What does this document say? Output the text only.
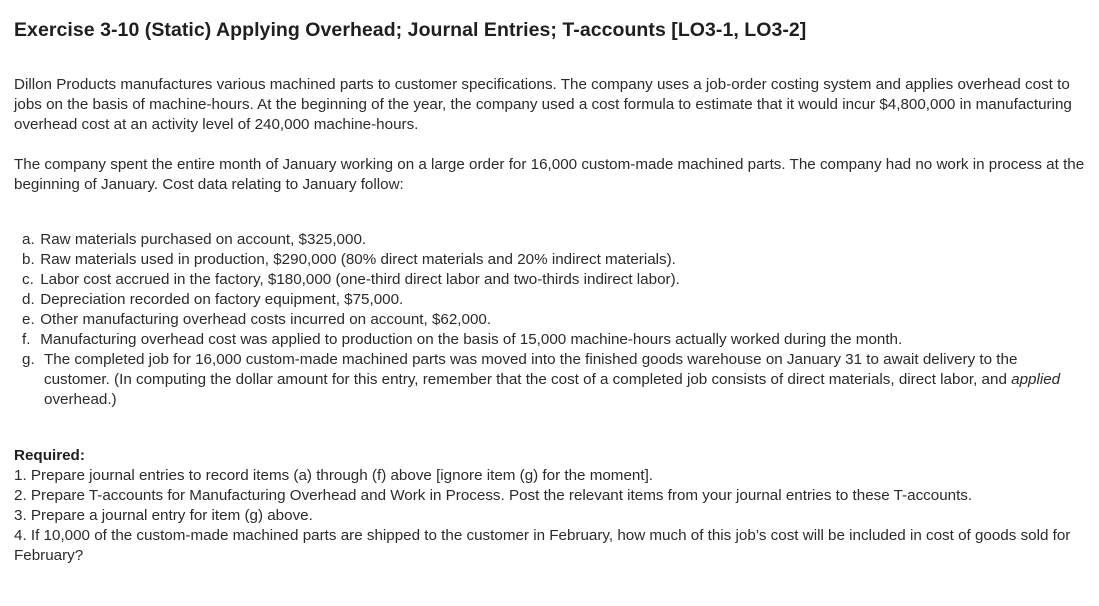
Exercise 3-10 (Static) Applying Overhead; Journal Entries; T-accounts [LO3-1, LO3-2]

Dillon Products manufactures various machined parts to customer specifications. The company uses a job-order costing system and applies overhead cost to jobs on the basis of machine-hours. At the beginning of the year, the company used a cost formula to estimate that it would incur $4,800,000 in manufacturing overhead cost at an activity level of 240,000 machine-hours.

The company spent the entire month of January working on a large order for 16,000 custom-made machined parts. The company had no work in process at the beginning of January. Cost data relating to January follow:

a. Raw materials purchased on account, $325,000.
b. Raw materials used in production, $290,000 (80% direct materials and 20% indirect materials).
c. Labor cost accrued in the factory, $180,000 (one-third direct labor and two-thirds indirect labor).
d. Depreciation recorded on factory equipment, $75,000.
e. Other manufacturing overhead costs incurred on account, $62,000.
f. Manufacturing overhead cost was applied to production on the basis of 15,000 machine-hours actually worked during the month.
g. The completed job for 16,000 custom-made machined parts was moved into the finished goods warehouse on January 31 to await delivery to the customer. (In computing the dollar amount for this entry, remember that the cost of a completed job consists of direct materials, direct labor, and applied overhead.)
Required:
1. Prepare journal entries to record items (a) through (f) above [ignore item (g) for the moment].
2. Prepare T-accounts for Manufacturing Overhead and Work in Process. Post the relevant items from your journal entries to these T-accounts.
3. Prepare a journal entry for item (g) above.
4. If 10,000 of the custom-made machined parts are shipped to the customer in February, how much of this job’s cost will be included in cost of goods sold for February?
